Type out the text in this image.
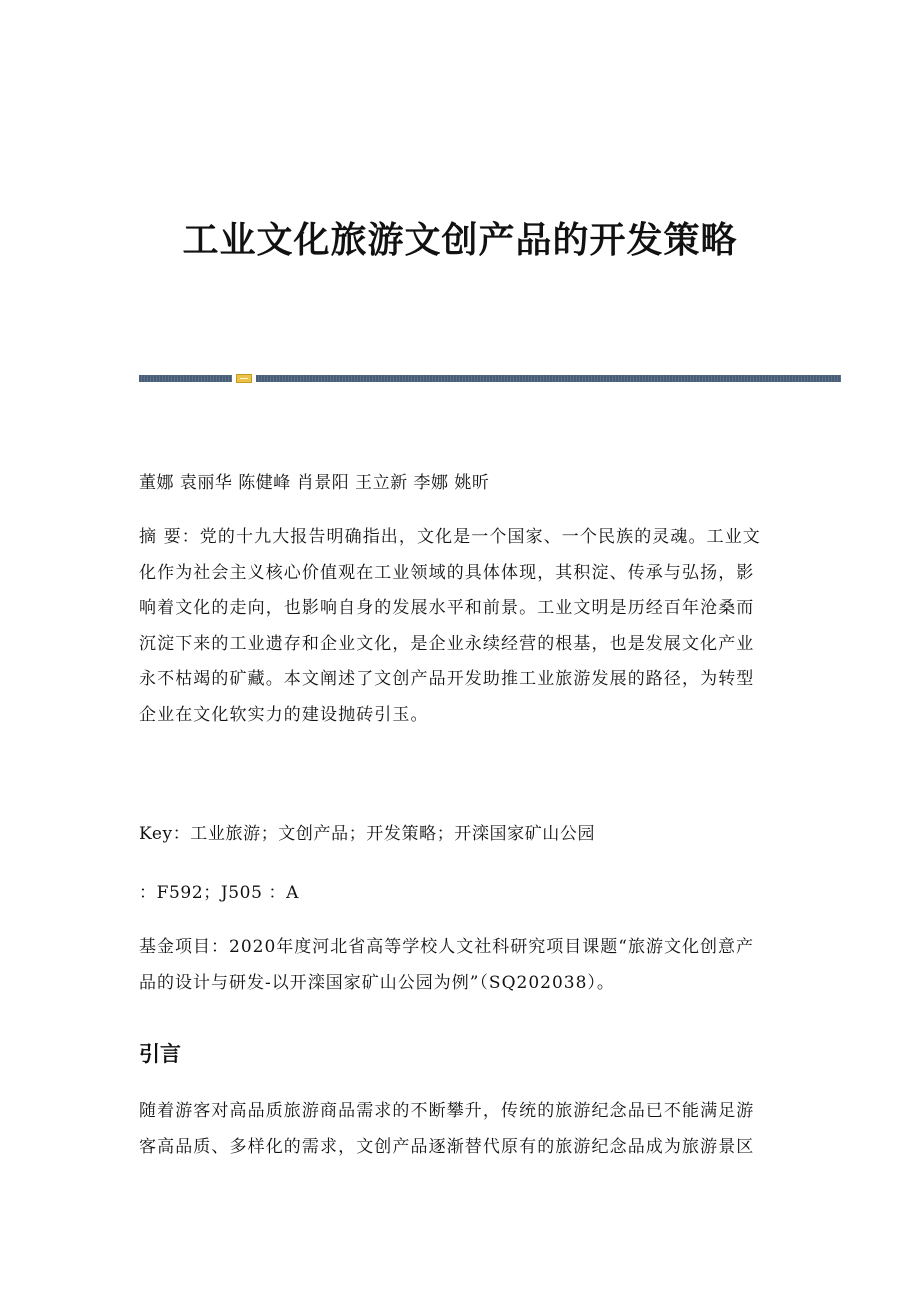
工业文化旅游文创产品的开发策略

董娜 袁丽华 陈健峰 肖景阳 王立新 李娜 姚昕

摘 要：党的十九大报告明确指出，文化是一个国家、一个民族的灵魂。工业文
化作为社会主义核心价值观在工业领域的具体体现，其积淀、传承与弘扬，影
响着文化的走向，也影响自身的发展水平和前景。工业文明是历经百年沧桑而
沉淀下来的工业遗存和企业文化，是企业永续经营的根基，也是发展文化产业
永不枯竭的矿藏。本文阐述了文创产品开发助推工业旅游发展的路径，为转型
企业在文化软实力的建设抛砖引玉。

Key：工业旅游；文创产品；开发策略；开滦国家矿山公园

：F592；J505 ：A

基金项目：2020年度河北省高等学校人文社科研究项目课题“旅游文化创意产
品的设计与研发-以开滦国家矿山公园为例”（SQ202038）。

引言

随着游客对高品质旅游商品需求的不断攀升，传统的旅游纪念品已不能满足游
客高品质、多样化的需求，文创产品逐渐替代原有的旅游纪念品成为旅游景区
